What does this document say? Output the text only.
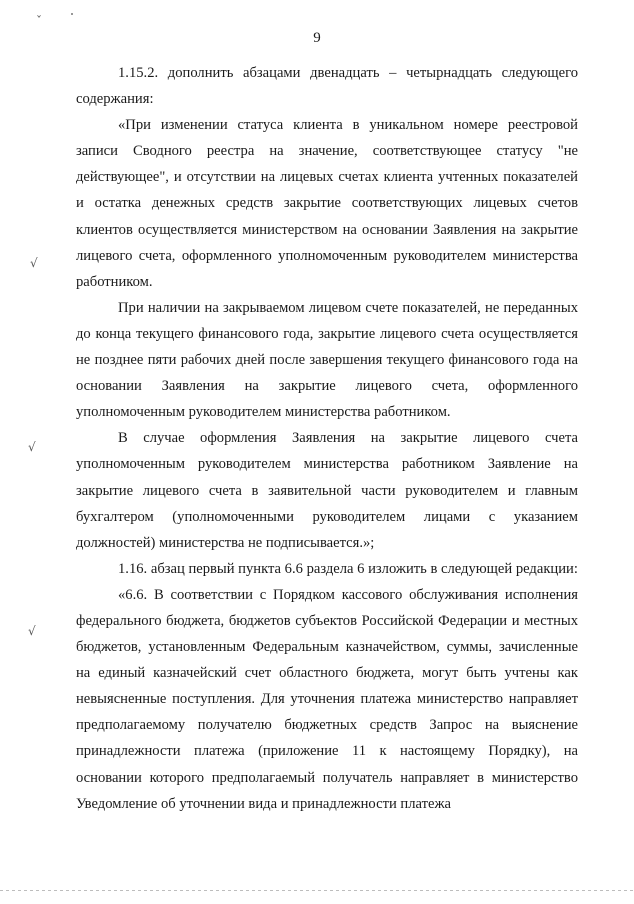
ˇ
√
√
√
9

1.15.2. дополнить абзацами двенадцать – четырнадцать следующего содержания:

«При изменении статуса клиента в уникальном номере реестровой записи Сводного реестра на значение, соответствующее статусу "не действующее", и отсутствии на лицевых счетах клиента учтенных показателей и остатка денежных средств закрытие соответствующих лицевых счетов клиентов осуществляется министерством на основании Заявления на закрытие лицевого счета, оформленного уполномоченным руководителем министерства работником.

При наличии на закрываемом лицевом счете показателей, не переданных до конца текущего финансового года, закрытие лицевого счета осуществляется не позднее пяти рабочих дней после завершения текущего финансового года на основании Заявления на закрытие лицевого счета, оформленного уполномоченным руководителем министерства работником.

В случае оформления Заявления на закрытие лицевого счета уполномоченным руководителем министерства работником Заявление на закрытие лицевого счета в заявительной части руководителем и главным бухгалтером (уполномоченными руководителем лицами с указанием должностей) министерства не подписывается.»;

1.16. абзац первый пункта 6.6 раздела 6 изложить в следующей редакции:

«6.6. В соответствии с Порядком кассового обслуживания исполнения федерального бюджета, бюджетов субъектов Российской Федерации и местных бюджетов, установленным Федеральным казначейством, суммы, зачисленные на единый казначейский счет областного бюджета, могут быть учтены как невыясненные поступления. Для уточнения платежа министерство направляет предполагаемому получателю бюджетных средств Запрос на выяснение принадлежности платежа (приложение 11 к настоящему Порядку), на основании которого предполагаемый получатель направляет в министерство Уведомление об уточнении вида и принадлежности платежа
